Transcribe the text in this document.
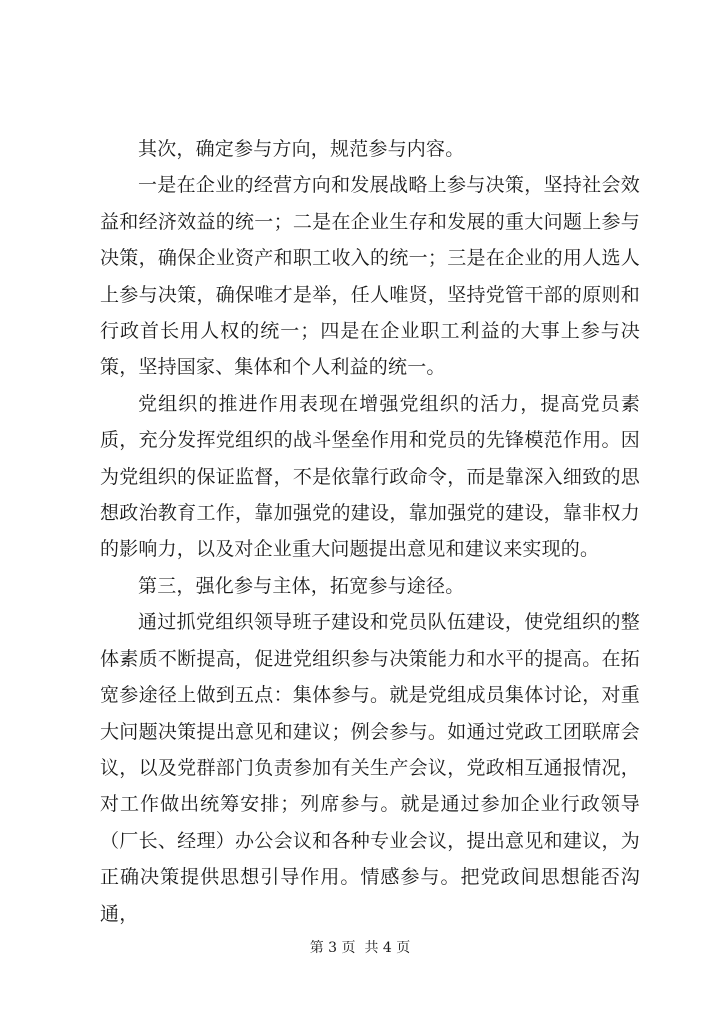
其次，确定参与方向，规范参与内容。

一是在企业的经营方向和发展战略上参与决策，坚持社会效益和经济效益的统一；二是在企业生存和发展的重大问题上参与决策，确保企业资产和职工收入的统一；三是在企业的用人选人上参与决策，确保唯才是举，任人唯贤，坚持党管干部的原则和行政首长用人权的统一；四是在企业职工利益的大事上参与决策，坚持国家、集体和个人利益的统一。

党组织的推进作用表现在增强党组织的活力，提高党员素质，充分发挥党组织的战斗堡垒作用和党员的先锋模范作用。因为党组织的保证监督，不是依靠行政命令，而是靠深入细致的思想政治教育工作，靠加强党的建设，靠加强党的建设，靠非权力的影响力，以及对企业重大问题提出意见和建议来实现的。

第三，强化参与主体，拓宽参与途径。

通过抓党组织领导班子建设和党员队伍建设，使党组织的整体素质不断提高，促进党组织参与决策能力和水平的提高。在拓宽参途径上做到五点：集体参与。就是党组成员集体讨论，对重大问题决策提出意见和建议；例会参与。如通过党政工团联席会议，以及党群部门负责参加有关生产会议，党政相互通报情况，对工作做出统筹安排；列席参与。就是通过参加企业行政领导（厂长、经理）办公会议和各种专业会议，提出意见和建议，为正确决策提供思想引导作用。情感参与。把党政间思想能否沟通，

第 3 页  共 4 页
